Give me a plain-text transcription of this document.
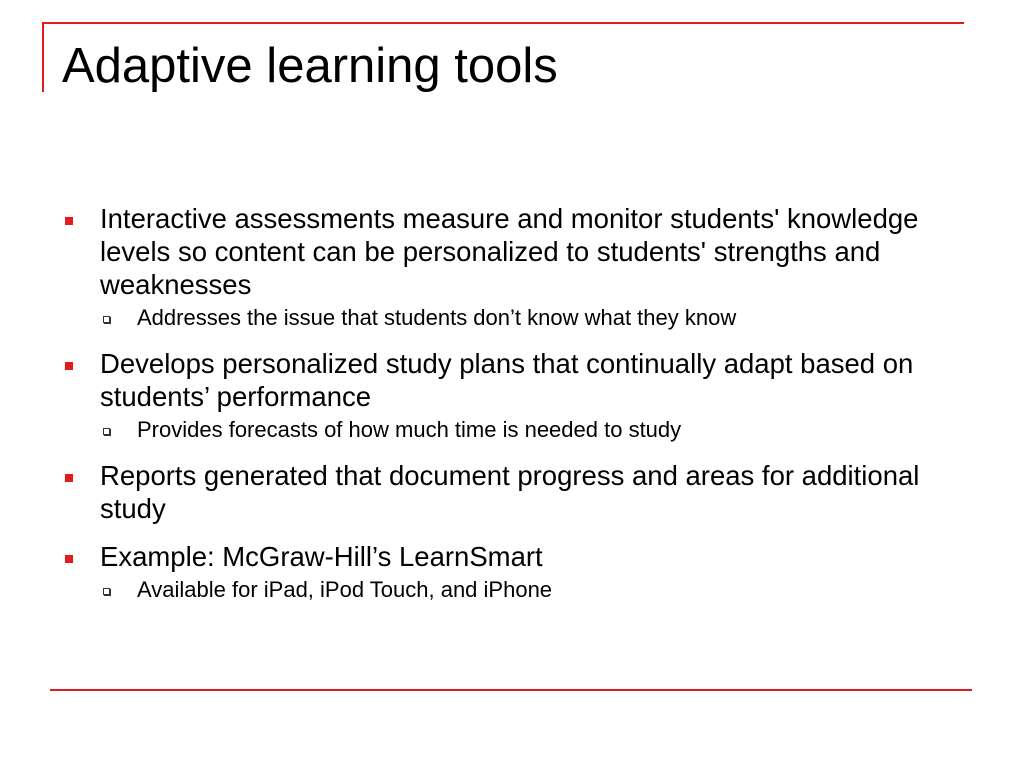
Adaptive learning tools
Interactive assessments measure and monitor students' knowledge levels so content can be personalized to students' strengths and weaknesses
Addresses the issue that students don’t know what they know
Develops personalized study plans that continually adapt based on students’ performance
Provides forecasts of how much time is needed to study
Reports generated that document progress and areas for additional study
Example: McGraw-Hill’s LearnSmart
Available for iPad, iPod Touch, and iPhone
